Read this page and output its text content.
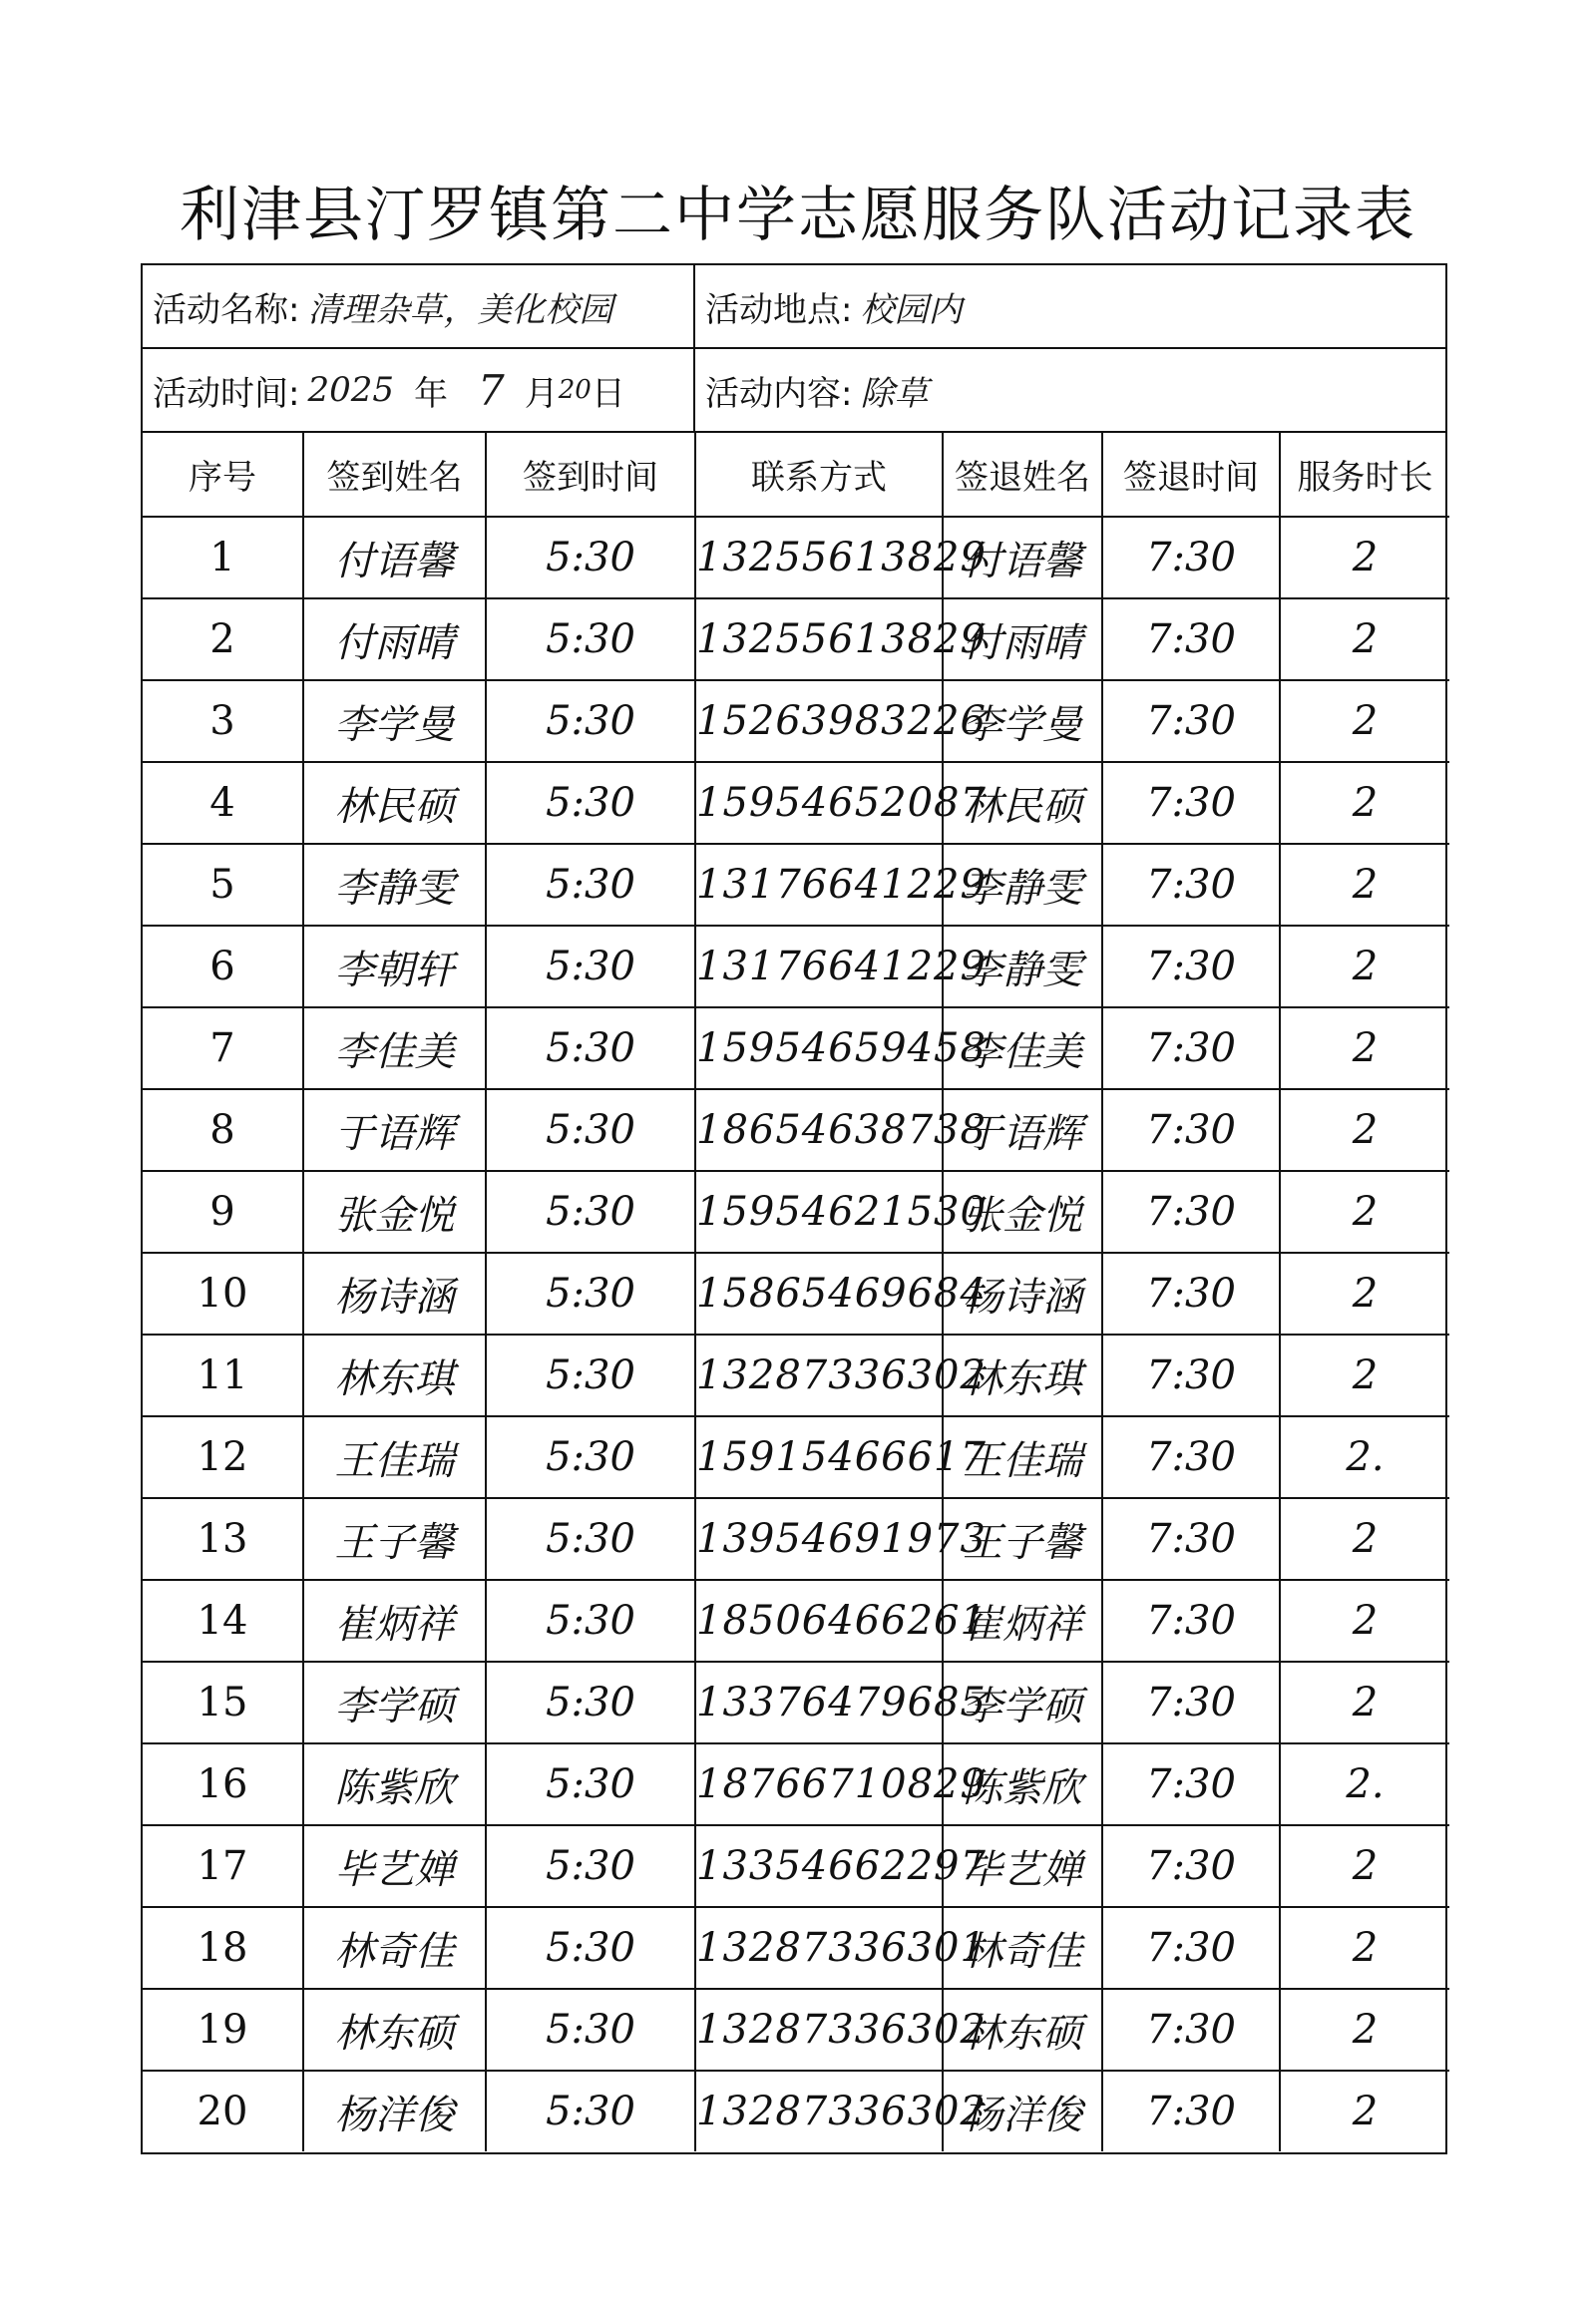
利津县汀罗镇第二中学志愿服务队活动记录表
活动名称: 清理杂草，美化校园	活动地点: 校园内
活动时间: 2025 年 7 月 20 日 活动内容: 除草
序号	签到姓名	签到时间	联系方式	签退姓名	签退时间	服务时长
1	付语馨	5:30	13255613829	付语馨	7:30	2
2	付雨晴	5:30	13255613829	付雨晴	7:30	2
3	李学曼	5:30	15263983226	李学曼	7:30	2
4	林民硕	5:30	15954652087	林民硕	7:30	2
5	李静雯	5:30	13176641229	李静雯	7:30	2
6	李朝轩	5:30	13176641229	李静雯	7:30	2
7	李佳美	5:30	15954659458	李佳美	7:30	2
8	于语辉	5:30	18654638738	于语辉	7:30	2
9	张金悦	5:30	15954621530	张金悦	7:30	2
10	杨诗涵	5:30	15865469684	杨诗涵	7:30	2
11	林东琪	5:30	13287336302	林东琪	7:30	2
12	王佳瑞	5:30	15915466617	王佳瑞	7:30	2.
13	王子馨	5:30	13954691973	王子馨	7:30	2
14	崔炳祥	5:30	18506466261	崔炳祥	7:30	2
15	李学硕	5:30	13376479685	李学硕	7:30	2
16	陈紫欣	5:30	18766710829	陈紫欣	7:30	2.
17	毕艺婵	5:30	13354662297	毕艺婵	7:30	2
18	林奇佳	5:30	13287336301	林奇佳	7:30	2
19	林东硕	5:30	13287336302	林东硕	7:30	2
20	杨洋俊	5:30	13287336302	杨洋俊	7:30	2
